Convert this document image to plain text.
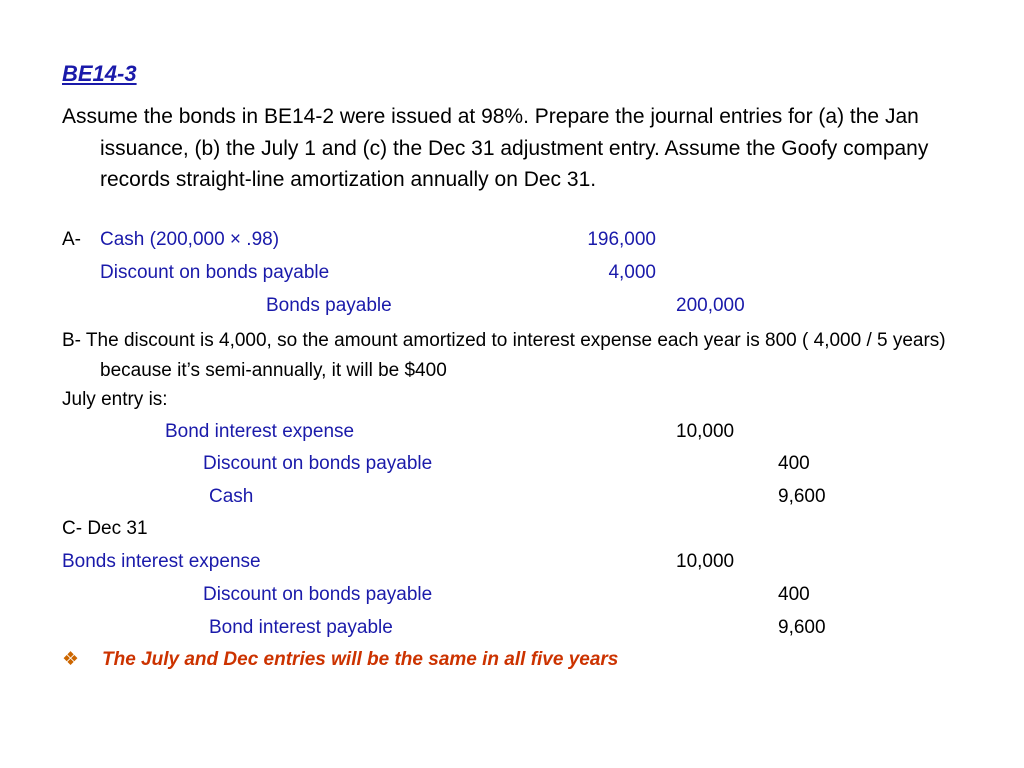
BE14-3

Assume the bonds in BE14-2 were issued at 98%. Prepare the journal entries for (a) the Jan issuance, (b) the July 1 and (c) the Dec 31 adjustment entry. Assume the Goofy company records straight-line amortization annually on Dec 31.

A- Cash (200,000 × .98)	196,000
Discount on bonds payable	4,000
Bonds payable	200,000

B- The discount is 4,000, so the amount amortized to interest expense each year is 800 ( 4,000 / 5 years) because it’s semi-annually, it will be $400

July entry is:
Bond interest expense	10,000
Discount on bonds payable	400
Cash	9,600
C- Dec 31
Bonds interest expense	10,000
Discount on bonds payable	400
Bond interest payable	9,600
❖ The July and Dec entries will be the same in all five years
